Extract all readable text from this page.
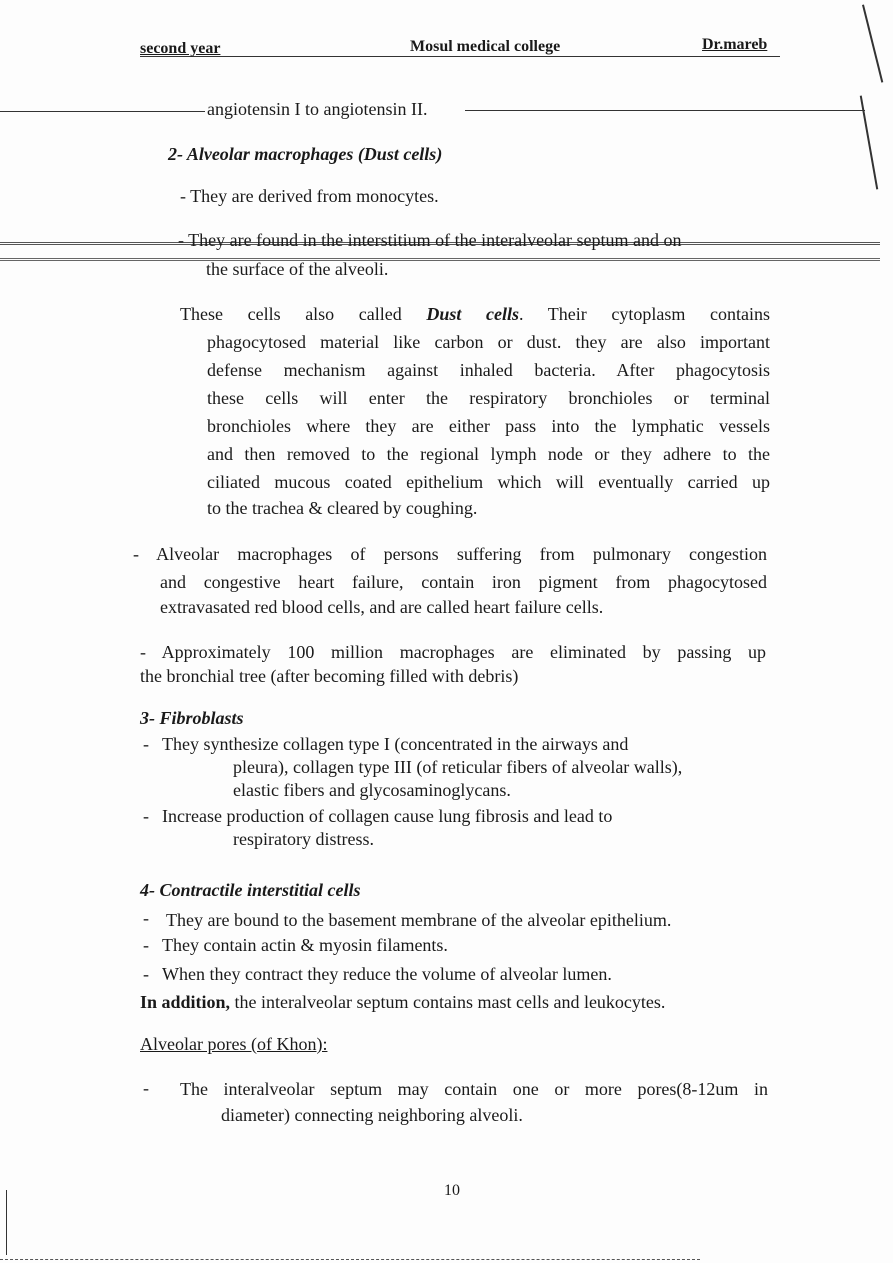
second year	Mosul medical college	Dr.mareb
angiotensin I to angiotensin II.
2- Alveolar macrophages (Dust cells)
- They are derived from monocytes.
- They are found in the interstitium of the interalveolar septum and on
the surface of the alveoli.
These cells also called Dust cells. Their cytoplasm contains
phagocytosed material like carbon or dust. they are also important
defense mechanism against inhaled bacteria. After phagocytosis
these cells will enter the respiratory bronchioles or terminal
bronchioles where they are either pass into the lymphatic vessels
and then removed to the regional lymph node or they adhere to the
ciliated mucous coated epithelium which will eventually carried up
to the trachea & cleared by coughing.
- Alveolar macrophages of persons suffering from pulmonary congestion
and congestive heart failure, contain iron pigment from phagocytosed
extravasated red blood cells, and are called heart failure cells.
- Approximately 100 million macrophages are eliminated by passing up
the bronchial tree (after becoming filled with debris)
3- Fibroblasts
- They synthesize collagen type I (concentrated in the airways and
pleura), collagen type III (of reticular fibers of alveolar walls),
elastic fibers and glycosaminoglycans.
- Increase production of collagen cause lung fibrosis and lead to
respiratory distress.
4- Contractile interstitial cells
- They are bound to the basement membrane of the alveolar epithelium.
- They contain actin & myosin filaments.
- When they contract they reduce the volume of alveolar lumen.
In addition, the interalveolar septum contains mast cells and leukocytes.
Alveolar pores (of Khon):
- The interalveolar septum may contain one or more pores(8-12um in
diameter) connecting neighboring alveoli.
10
